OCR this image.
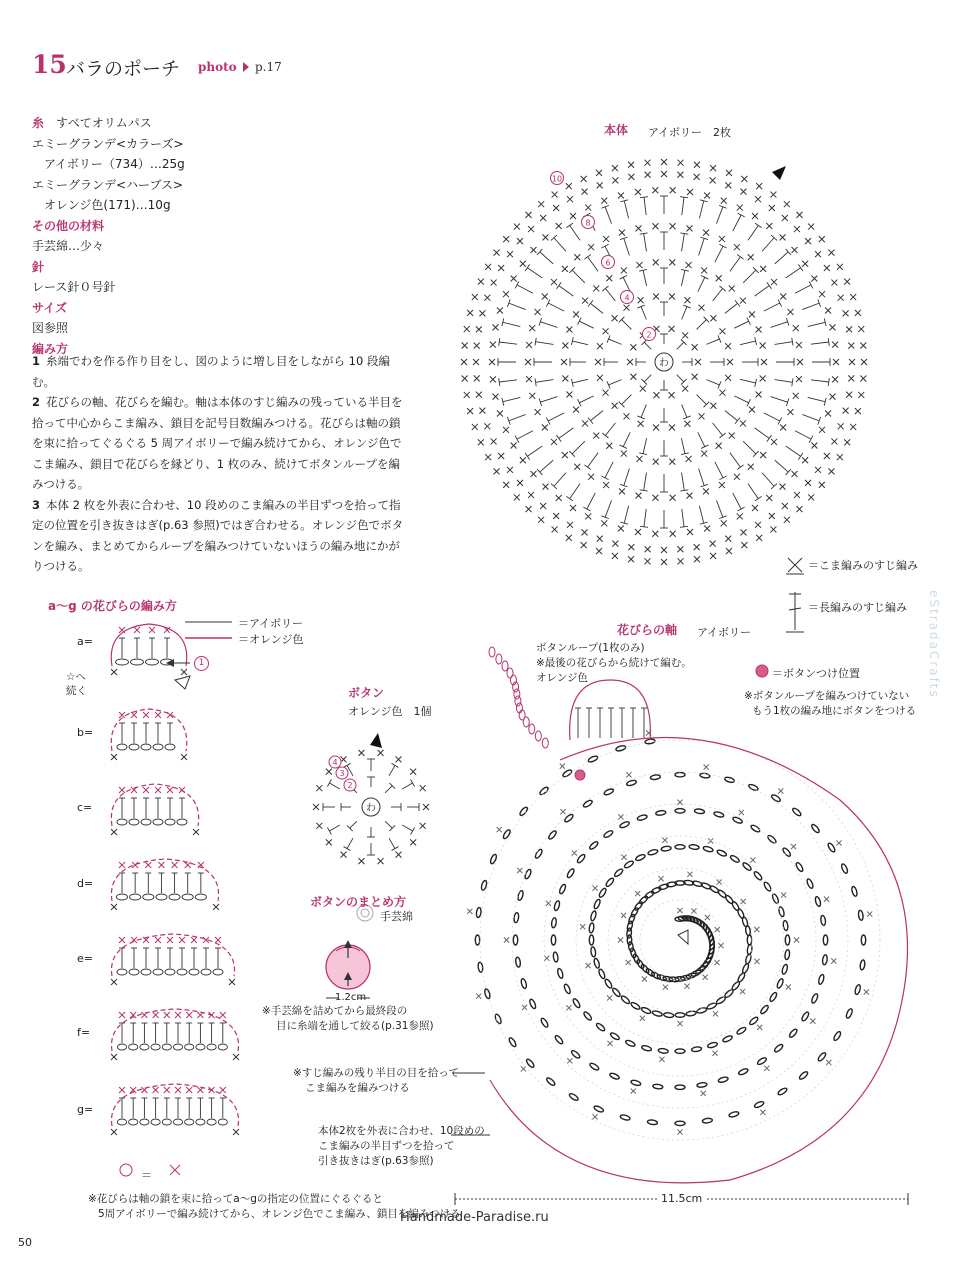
15 バラのポーチ photo p.17
糸　 すべてオリムパス
エミーグランデ<カラーズ>
アイボリー（734）…25g
エミーグランデ<ハーブス>
オレンジ色(171)…10g
その他の材料
手芸綿…少々
針
レース針０号針
サイズ
図参照
編み方

1 糸端でわを作る作り目をし、図のように増し目をしながら 10 段編む。

2 花びらの軸、花びらを編む。軸は本体のすじ編みの残っている半目を拾って中心からこま編み、鎖目を記号目数編みつける。花びらは軸の鎖を束に拾ってぐるぐる 5 周アイボリーで編み続けてから、オレンジ色でこま編み、鎖目で花びらを縁どり、1 枚のみ、続けてボタンループを編みつける。

3 本体 2 枚を外表に合わせ、10 段めのこま編みの半目ずつを拾って指定の位置を引き抜きはぎ(p.63 参照)ではぎ合わせる。オレンジ色でボタンを編み、まとめてからループを編みつけていないほうの編み地にかがりつける。

わ
10
8
6
4
2
わ
4
3
2
本体 アイボリー　2枚
＝こま編みのすじ編み
＝長編みのすじ編み
＝ボタンつけ位置
※ボタンループを編みつけていない
もう1枚の編み地にボタンをつける
a～g の花びらの編み方
＝アイボリー
＝オレンジ色
a=
b=
c=
d=
e=
f=
g=
1
☆へ
続く
＝
※花びらは軸の鎖を束に拾ってa～gの指定の位置にぐるぐると
5周アイボリーで編み続けてから、オレンジ色でこま編み、鎖目を編みつける
ボタン
オレンジ色　1個
ボタンのまとめ方
手芸綿
1.2cm
※手芸綿を詰めてから最終段の
目に糸端を通して絞る(p.31参照)
花びらの軸 アイボリー
ボタンループ(1枚のみ)
※最後の花びらから続けて編む。
オレンジ色
※すじ編みの残り半目の目を拾って
こま編みを編みつける
本体2枚を外表に合わせ、10段めの
こま編みの半目ずつを拾って
引き抜きはぎ(p.63参照)
11.5cm
50
Handmade-Paradise.ru
eStradaCrafts
